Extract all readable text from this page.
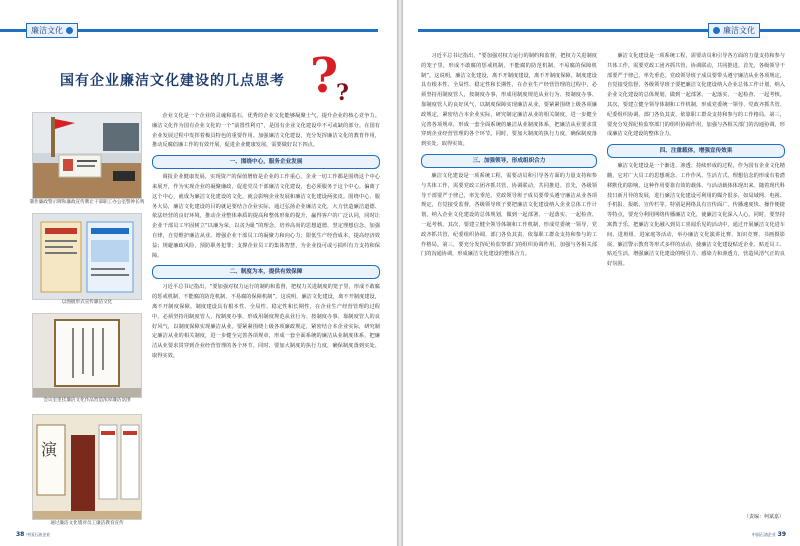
廉洁文化
国有企业廉洁文化建设的几点思考 ?
?
制作廉政警示牌和廉政宣传牌让干部职工办公室警钟长鸣
以图板形式宣传廉洁文化
会议室里挂廉洁文化作品营造浓厚廉洁氛围
演
通过廉洁文化墙对员工廉洁教育宣传

企业文化是一个企业的灵魂和基石，优秀的企业文化能够凝聚士气，提升企业的核心竞争力。廉洁文化作为国有企业文化的一个“前置性利刃”，是国有企业文化建设中不可或缺的部分。在国有企业发展过程中发挥着极具特色的重要作用。加强廉洁文化建设，充分发挥廉洁文化的教育作用，推动反腐倡廉工作的有效开展，促进企业健康发展，需要做好以下四点。

一、围绕中心，服务企业发展

调报企业健康发展，实现资产的保值增值是企业的工作重心。企业一切工作都是围绕这个中心来展开，作为实现企业的凝聚廉政，促进党员干部廉洁文化建设，也必须服务于这个中心。偏离了这个中心，就成为廉洁文化建设的文化，就会影响企业发展和廉洁文化建设两张皮。围绕中心，服务大局，廉洁文化建设的目的就是要结合企业实际，通过弘扬企业廉洁文化，大力营造廉洁道德、依法经营的良好环境，推动企业整体素质的提高和整体形象的提升，赢得客户的广泛认同，同时让企业干部员工牢固树立“以廉为荣，以贪为耻”的理念，培养高尚的思想道德，坚定理想信念，加强自律，自觉维护廉洁从业。增强企业干部员工的凝聚力和向心力；限低生产经营成本，提高经济效益；规避廉政风险，预防职务犯罪；支撑企业员工的集体智慧，为企业投可或亏损织有力支持和保障。

二、制度为本，提供有效保障

习近平总书记指出，“要加强对权力运行的制约和监督，把权力关进制度的笼子里，形成不敢腐的惩戒机制、不能腐的防范机制、不易腐的保障机制”。这说明，廉洁文化建设，离不开制度建设，离不开制度保障。制度建设具有根本性、全局性、稳定性和长期性，在企业生产经营管理的过程中，必须坚持用制度管人，按制度办事，形成用制度规范从业行为、按制度办事、靠制度管人的良好风气，以制度保障实现廉洁从业。要紧紧围绕上级各项廉政规定，紧密结合本企业实际，研究制定廉洁从业的相关制度，进一步健全完善各项规章，形成一套全面系统的廉洁从业制度体系，把廉洁从业要求贯穿到企业经营管理的各个环节。同时，要加大制度的执行力度，确保制度落到实处、取得实效。

38 中国石油企业
廉洁文化

习近平总书记指出，“要加强对权力运行的制约和监督，把权力关进制度的笼子里，形成不敢腐的惩戒机制、不能腐的防范机制、不易腐的保障机制”。这说明，廉洁文化建设，离不开制度建设，离不开制度保障。制度建设具有根本性、全局性、稳定性和长期性，在企业生产经营管理的过程中，必须坚持用制度管人，按制度办事，形成用制度规范从业行为、按制度办事、靠制度管人的良好风气，以制度保障实现廉洁从业。要紧紧围绕上级各项廉政规定，紧密结合本企业实际，研究制定廉洁从业的相关制度，进一步健全完善各项规章，形成一套全面系统的廉洁从业制度体系，把廉洁从业要求贯穿到企业经营管理的各个环节。同时，要加大制度的执行力度，确保制度落到实处、取得实效。

三、加强领导，形成组织合力

廉洁文化建设是一项系统工程，需要动员和引导各方面的力量支持和参与共体工作，需要党政工团齐抓共管，协调联动，共同推进。首先，各级领导干部要严于律己，率先垂范。党政领导班子成员要带头遵守廉洁从业各项规定，自觉接受监督，各级领导班子要把廉洁文化建设纳入企业总体工作计划，纳入企业文化建设的总体规划，做到一起部署、一起落实、一起检查、一起考核。其次，要建立健全领导体制和工作机制，形成党委统一领导、党政齐抓共管、纪委组织协调、部门各负其责、依靠职工群众支持和参与的工作格局。第三，要充分发挥纪检监察部门的组织协调作用，加强与各相关部门的沟通协调，形成廉洁文化建设的整体合力。

廉洁文化建设是一项系统工程，需要动员和引导各方面的力量支持和参与共体工作，需要党政工团齐抓共管，协调联动，共同推进。首先，各级领导干部要严于律己，率先垂范。党政领导班子成员要带头遵守廉洁从业各项规定，自觉接受监督，各级领导班子要把廉洁文化建设纳入企业总体工作计划，纳入企业文化建设的总体规划，做到一起部署、一起落实、一起检查、一起考核。其次，要建立健全领导体制和工作机制，形成党委统一领导、党政齐抓共管、纪委组织协调、部门各负其责、依靠职工群众支持和参与的工作格局。第三，要充分发挥纪检监察部门的组织协调作用，加强与各相关部门的沟通协调，形成廉洁文化建设的整体合力。

四、注重载体，增强宣传效果

廉洁文化建设是一个渐进、渗透、持续形成的过程，作为国有企业文化精髓，它对广大员工的思想观念、工作作风、生活方式、理想信念的形成有着潜移默化的影响。这种作用要靠有效的载体、与活动载体体现出来。随着现代科技日新月异的发展，进行廉洁文化建设可利用的媒介很多，如局域网、电视、手机报、报纸、宣传栏等。特别是网络具有宣传面广、传播速度快、操作便捷等特点，要充分利用网络传播廉洁文化，使廉洁文化深入人心。同时，要坚持寓教于乐，把廉洁文化融入到员工喜闻乐见的活动中，通过开展廉洁文化进车间、进班组、进家庭等活动，举办廉洁文化演讲比赛、知识竞赛、书画摄影展、廉洁警示教育等形式多样的活动，使廉洁文化建设贴近企业、贴近员工、贴近生活，增强廉洁文化建设的吸引力、感染力和渗透力，营造风清气正的良好氛围。

（责编：柯斌嘉）
中国石油企业 39
